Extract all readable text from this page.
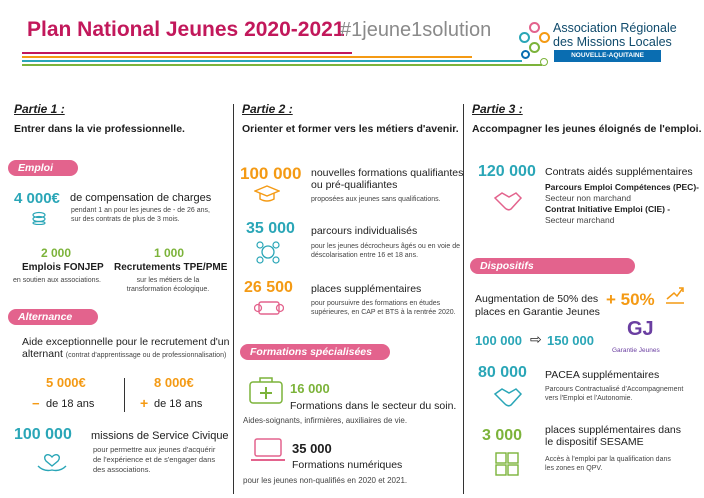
Plan National Jeunes 2020-2021
#1jeune1solution	Association Régionale
des Missions Locales
NOUVELLE-AQUITAINE
Partie 1 :
Entrer dans la vie professionnelle.
Emploi
4 000€ de compensation de charges
pendant 1 an pour les jeunes de - de 26 ans,
sur des contrats de plus de 3 mois.
2 000
Emplois FONJEP
en soutien aux associations.
1 000
Recrutements TPE/PME
sur les métiers de la
transformation écologique.
Alternance
Aide exceptionnelle pour le recrutement d'un
alternant (contrat d'apprentissage ou de professionnalisation)
5 000€
− de 18 ans
8 000€
+ de 18 ans
100 000 missions de Service Civique
pour permettre aux jeunes d'acquérir
de l'expérience et de s'engager dans
des associations.
Partie 2 :
Orienter et former vers les métiers d'avenir.
100 000 nouvelles formations qualifiantes
ou pré-qualifiantes
proposées aux jeunes sans qualifications.
35 000 parcours individualisés
pour les jeunes décrocheurs âgés ou en voie de
déscolarisation entre 16 et 18 ans.
26 500 places supplémentaires
pour poursuivre des formations en études
supérieures, en CAP et BTS à la rentrée 2020.
Formations spécialisées
16 000
Formations dans le secteur du soin.
Aides-soignants, infirmières, auxiliaires de vie.
35 000
Formations numériques
pour les jeunes non-qualifiés en 2020 et 2021.
Partie 3 :
Accompagner les jeunes éloignés de l'emploi.
120 000 Contrats aidés supplémentaires
Parcours Emploi Compétences (PEC)-
Secteur non marchand
Contrat Initiative Emploi (CIE) -
Secteur marchand
Dispositifs d'accompagnement
Augmentation de 50% des
places en Garantie Jeunes
+ 50%
100 000 ⇨ 150 000
GJ
Garantie Jeunes
80 000 PACEA supplémentaires
Parcours Contractualisé d'Accompagnement
vers l'Emploi et l'Autonomie.
3 000 places supplémentaires dans
le dispositif SESAME
Accès à l'emploi par la qualification dans
les zones en QPV.
